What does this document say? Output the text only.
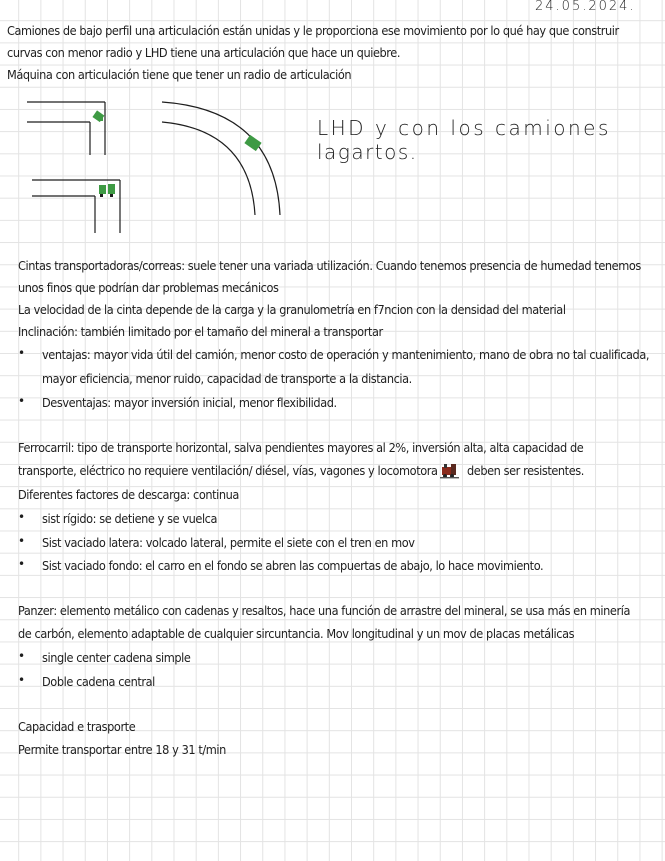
24.05.2024.
Camiones de bajo perfil una articulación están unidas y le proporciona ese movimiento por lo qué hay que construir
curvas con menor radio y LHD tiene una articulación que hace un quiebre.
Máquina con articulación tiene que tener un radio de articulación
LHD y con los camiones
lagartos.
Cintas transportadoras/correas: suele tener una variada utilización. Cuando tenemos presencia de humedad tenemos
unos finos que podrían dar problemas mecánicos
La velocidad de la cinta depende de la carga y la granulometría en f7ncion con la densidad del material
Inclinación: también limitado por el tamaño del mineral a transportar
• ventajas: mayor vida útil del camión, menor costo de operación y mantenimiento, mano de obra no tal cualificada,
mayor eficiencia, menor ruido, capacidad de transporte a la distancia.
• Desventajas: mayor inversión inicial, menor flexibilidad.
Ferrocarril: tipo de transporte horizontal, salva pendientes mayores al 2%, inversión alta, alta capacidad de
transporte, eléctrico no requiere ventilación/ diésel, vías, vagones y locomotora deben ser resistentes.
Diferentes factores de descarga: continua
• sist rígido: se detiene y se vuelca
• Sist vaciado latera: volcado lateral, permite el siete con el tren en mov
• Sist vaciado fondo: el carro en el fondo se abren las compuertas de abajo, lo hace movimiento.
Panzer: elemento metálico con cadenas y resaltos, hace una función de arrastre del mineral, se usa más en minería
de carbón, elemento adaptable de cualquier sircuntancia. Mov longitudinal y un mov de placas metálicas
• single center cadena simple
• Doble cadena central
Capacidad e trasporte
Permite transportar entre 18 y 31 t/min
